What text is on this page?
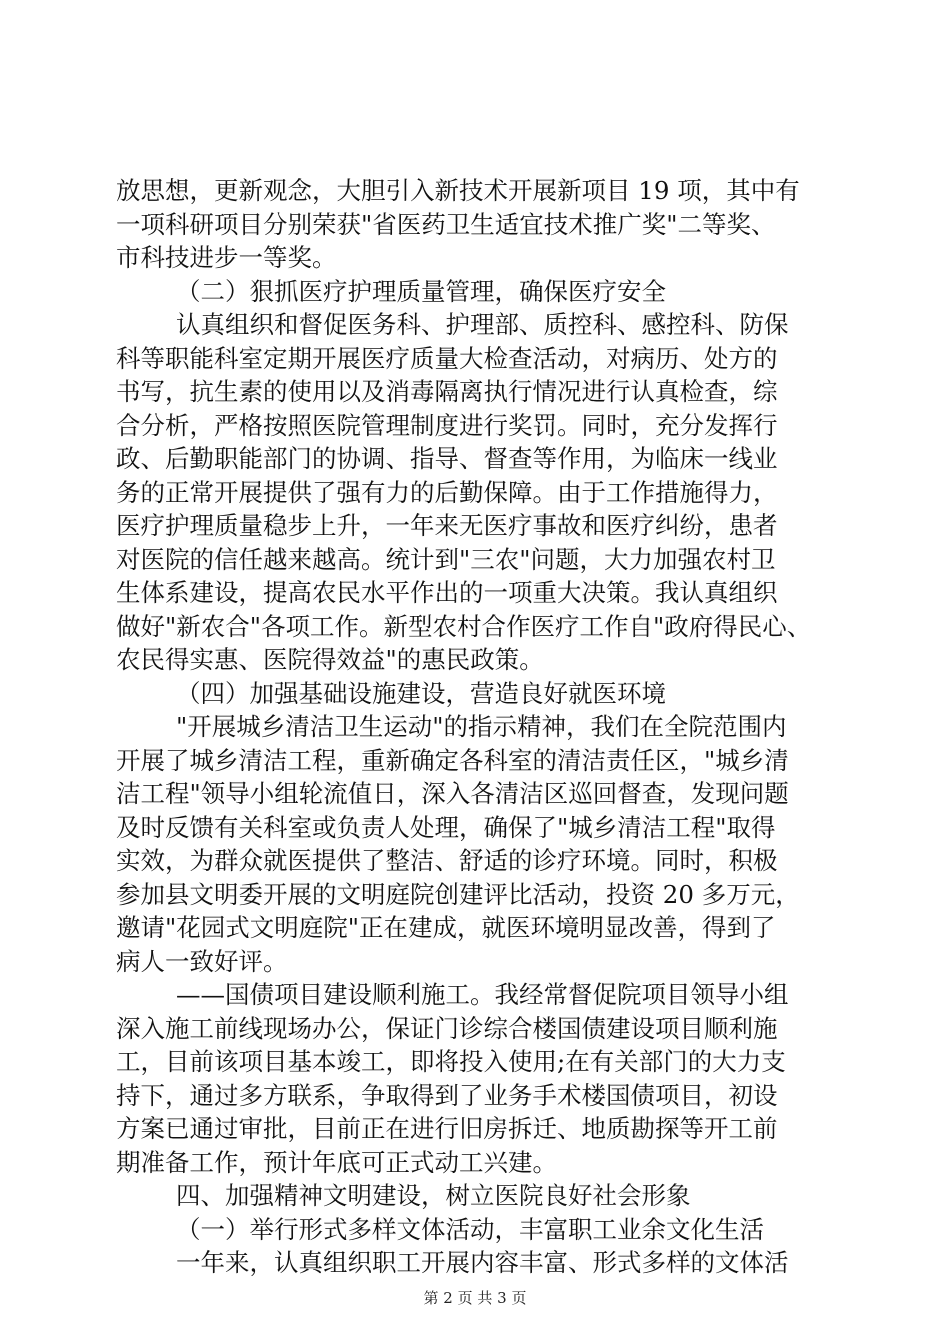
放思想，更新观念，大胆引入新技术开展新项目 19 项，其中有
一项科研项目分别荣获"省医药卫生适宜技术推广奖"二等奖、
市科技进步一等奖。
（二）狠抓医疗护理质量管理，确保医疗安全
认真组织和督促医务科、护理部、质控科、感控科、防保
科等职能科室定期开展医疗质量大检查活动，对病历、处方的
书写，抗生素的使用以及消毒隔离执行情况进行认真检查，综
合分析，严格按照医院管理制度进行奖罚。同时，充分发挥行
政、后勤职能部门的协调、指导、督查等作用，为临床一线业
务的正常开展提供了强有力的后勤保障。由于工作措施得力，
医疗护理质量稳步上升，一年来无医疗事故和医疗纠纷，患者
对医院的信任越来越高。统计到"三农"问题，大力加强农村卫
生体系建设，提高农民水平作出的一项重大决策。我认真组织
做好"新农合"各项工作。新型农村合作医疗工作自"政府得民心、
农民得实惠、医院得效益"的惠民政策。
（四）加强基础设施建设，营造良好就医环境
"开展城乡清洁卫生运动"的指示精神，我们在全院范围内
开展了城乡清洁工程，重新确定各科室的清洁责任区，"城乡清
洁工程"领导小组轮流值日，深入各清洁区巡回督查，发现问题
及时反馈有关科室或负责人处理，确保了"城乡清洁工程"取得
实效，为群众就医提供了整洁、舒适的诊疗环境。同时，积极
参加县文明委开展的文明庭院创建评比活动，投资 20 多万元，
邀请"花园式文明庭院"正在建成，就医环境明显改善，得到了
病人一致好评。
——国债项目建设顺利施工。我经常督促院项目领导小组
深入施工前线现场办公，保证门诊综合楼国债建设项目顺利施
工，目前该项目基本竣工，即将投入使用;在有关部门的大力支
持下，通过多方联系，争取得到了业务手术楼国债项目，初设
方案已通过审批，目前正在进行旧房拆迁、地质勘探等开工前
期准备工作，预计年底可正式动工兴建。
四、加强精神文明建设，树立医院良好社会形象
（一）举行形式多样文体活动，丰富职工业余文化生活
一年来，认真组织职工开展内容丰富、形式多样的文体活
第 2 页 共 3 页
